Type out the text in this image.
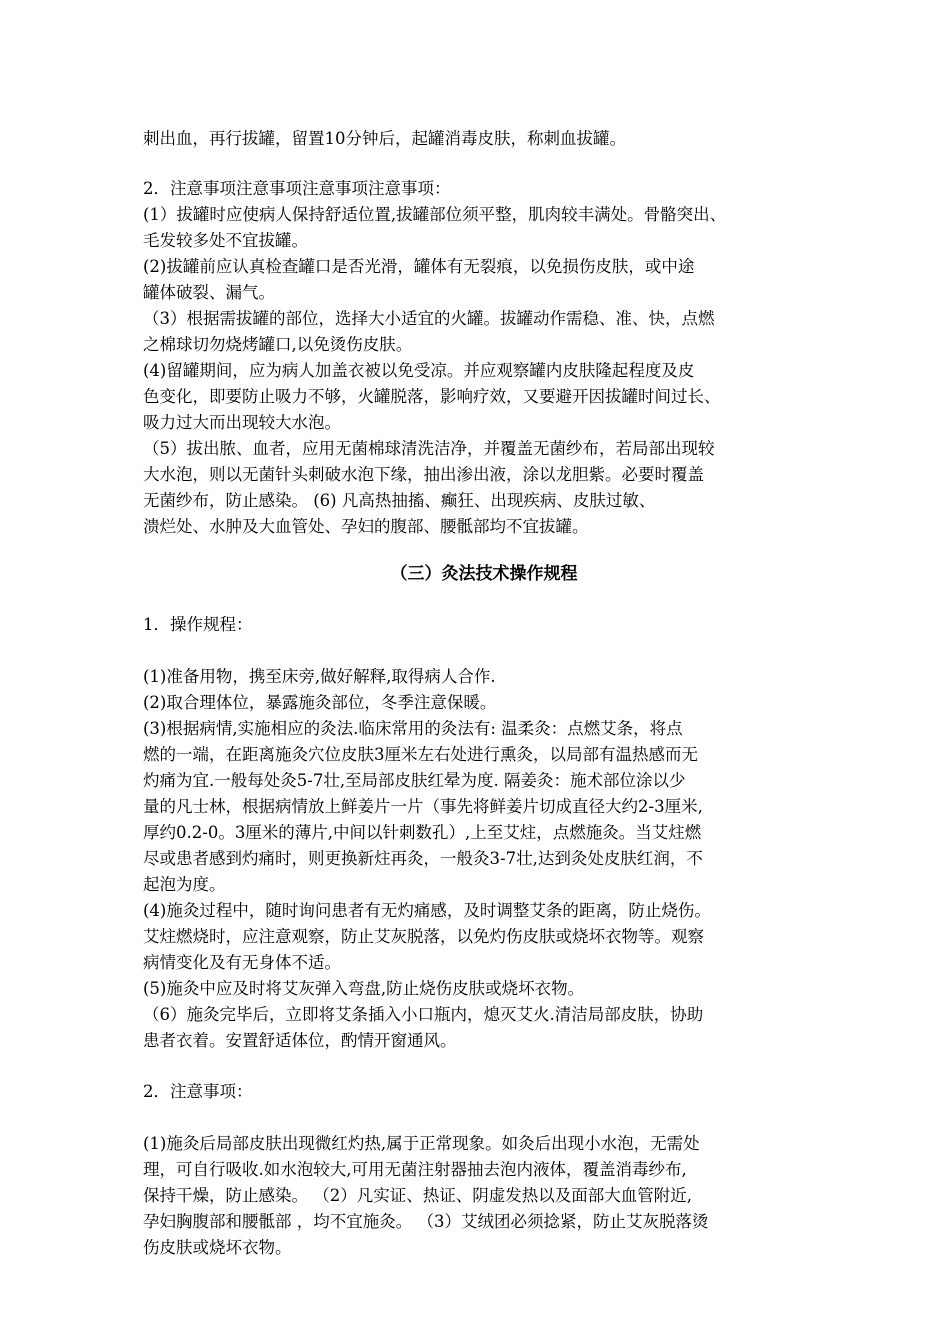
刺出血，再行拔罐，留置10分钟后，起罐消毒皮肤，称刺血拔罐。
2．注意事项注意事项注意事项注意事项：
(1）拔罐时应使病人保持舒适位置,拔罐部位须平整，肌肉较丰满处。骨骼突出、
毛发较多处不宜拔罐。
(2)拔罐前应认真检查罐口是否光滑，罐体有无裂痕，以免损伤皮肤，或中途
罐体破裂、漏气。
（3）根据需拔罐的部位，选择大小适宜的火罐。拔罐动作需稳、准、快，点燃
之棉球切勿烧烤罐口,以免烫伤皮肤。
(4)留罐期间，应为病人加盖衣被以免受凉。并应观察罐内皮肤隆起程度及皮
色变化，即要防止吸力不够，火罐脱落，影响疗效，又要避开因拔罐时间过长、
吸力过大而出现较大水泡。
（5）拔出脓、血者，应用无菌棉球清洗洁净，并覆盖无菌纱布，若局部出现较
大水泡，则以无菌针头刺破水泡下缘，抽出渗出液，涂以龙胆紫。必要时覆盖
无菌纱布，防止感染。 (6) 凡高热抽搐、癫狂、出现疾病、皮肤过敏、
溃烂处、水肿及大血管处、孕妇的腹部、腰骶部均不宜拔罐。
（三）灸法技术操作规程
1．操作规程：
(1)准备用物，携至床旁,做好解释,取得病人合作.
(2)取合理体位，暴露施灸部位，冬季注意保暖。
(3)根据病情,实施相应的灸法.临床常用的灸法有: 温柔灸：点燃艾条，将点
燃的一端，在距离施灸穴位皮肤3厘米左右处进行熏灸，以局部有温热感而无
灼痛为宜.一般每处灸5-7壮,至局部皮肤红晕为度. 隔姜灸：施术部位涂以少
量的凡士林，根据病情放上鲜姜片一片（事先将鲜姜片切成直径大约2-3厘米,
厚约0.2-0。3厘米的薄片,中间以针刺数孔）,上至艾炷，点燃施灸。当艾炷燃
尽或患者感到灼痛时，则更换新炷再灸，一般灸3-7壮,达到灸处皮肤红润，不
起泡为度。
(4)施灸过程中，随时询问患者有无灼痛感，及时调整艾条的距离，防止烧伤。
艾炷燃烧时，应注意观察，防止艾灰脱落，以免灼伤皮肤或烧坏衣物等。观察
病情变化及有无身体不适。
(5)施灸中应及时将艾灰弹入弯盘,防止烧伤皮肤或烧坏衣物。
（6）施灸完毕后，立即将艾条插入小口瓶内，熄灭艾火.清洁局部皮肤，协助
患者衣着。安置舒适体位，酌情开窗通风。
2．注意事项：
(1)施灸后局部皮肤出现微红灼热,属于正常现象。如灸后出现小水泡，无需处
理，可自行吸收.如水泡较大,可用无菌注射器抽去泡内液体，覆盖消毒纱布,
保持干燥，防止感染。 （2）凡实证、热证、阴虚发热以及面部大血管附近,
孕妇胸腹部和腰骶部 ，均不宜施灸。 （3）艾绒团必须捻紧，防止艾灰脱落烫
伤皮肤或烧坏衣物。
